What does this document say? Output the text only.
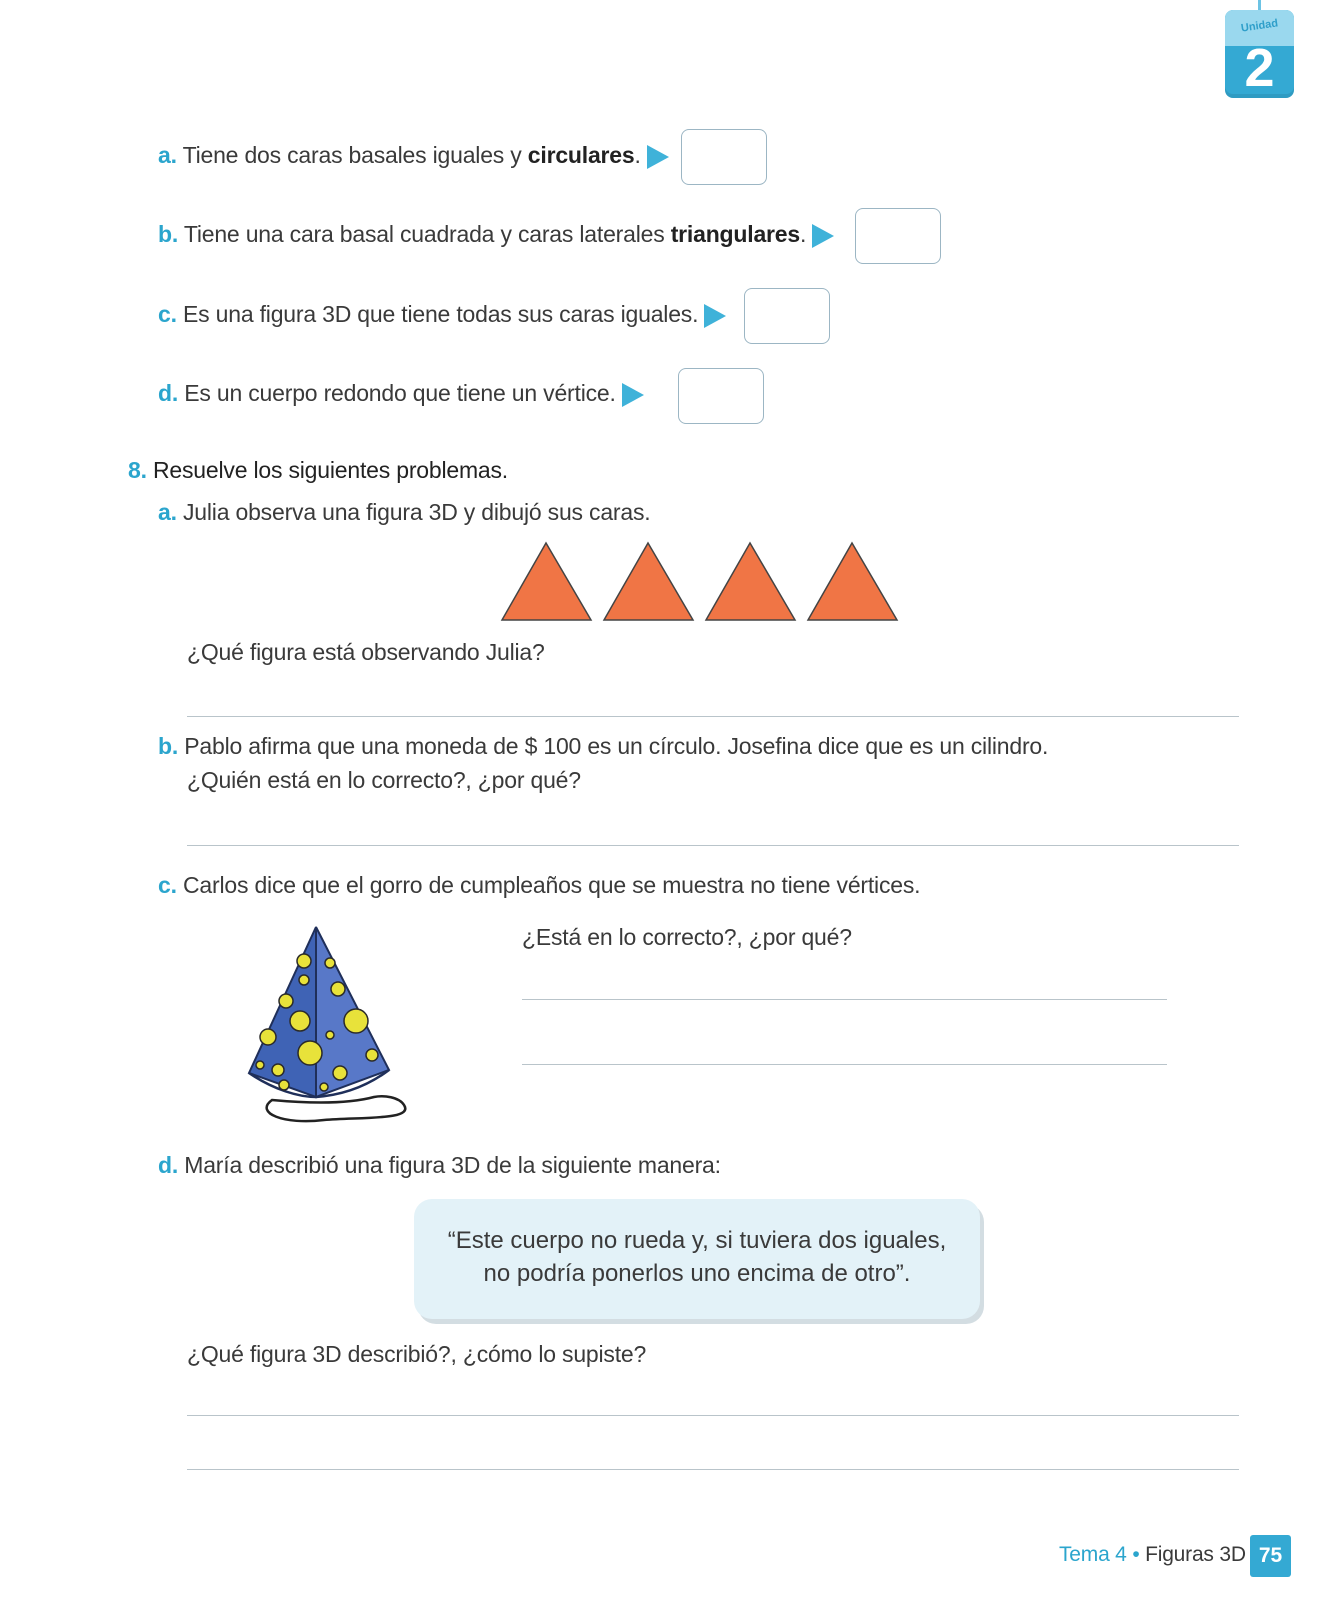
Unidad
2
a. Tiene dos caras basales iguales y circulares.
b. Tiene una cara basal cuadrada y caras laterales triangulares.
c. Es una figura 3D que tiene todas sus caras iguales.
d. Es un cuerpo redondo que tiene un vértice.
8. Resuelve los siguientes problemas.
a. Julia observa una figura 3D y dibujó sus caras.
¿Qué figura está observando Julia?
b. Pablo afirma que una moneda de $ 100 es un círculo. Josefina dice que es un cilindro.
¿Quién está en lo correcto?, ¿por qué?
c. Carlos dice que el gorro de cumpleaños que se muestra no tiene vértices.
¿Está en lo correcto?, ¿por qué?
d. María describió una figura 3D de la siguiente manera:
“Este cuerpo no rueda y, si tuviera dos iguales,
no podría ponerlos uno encima de otro”.
¿Qué figura 3D describió?, ¿cómo lo supiste?
Tema 4 • Figuras 3D 75
